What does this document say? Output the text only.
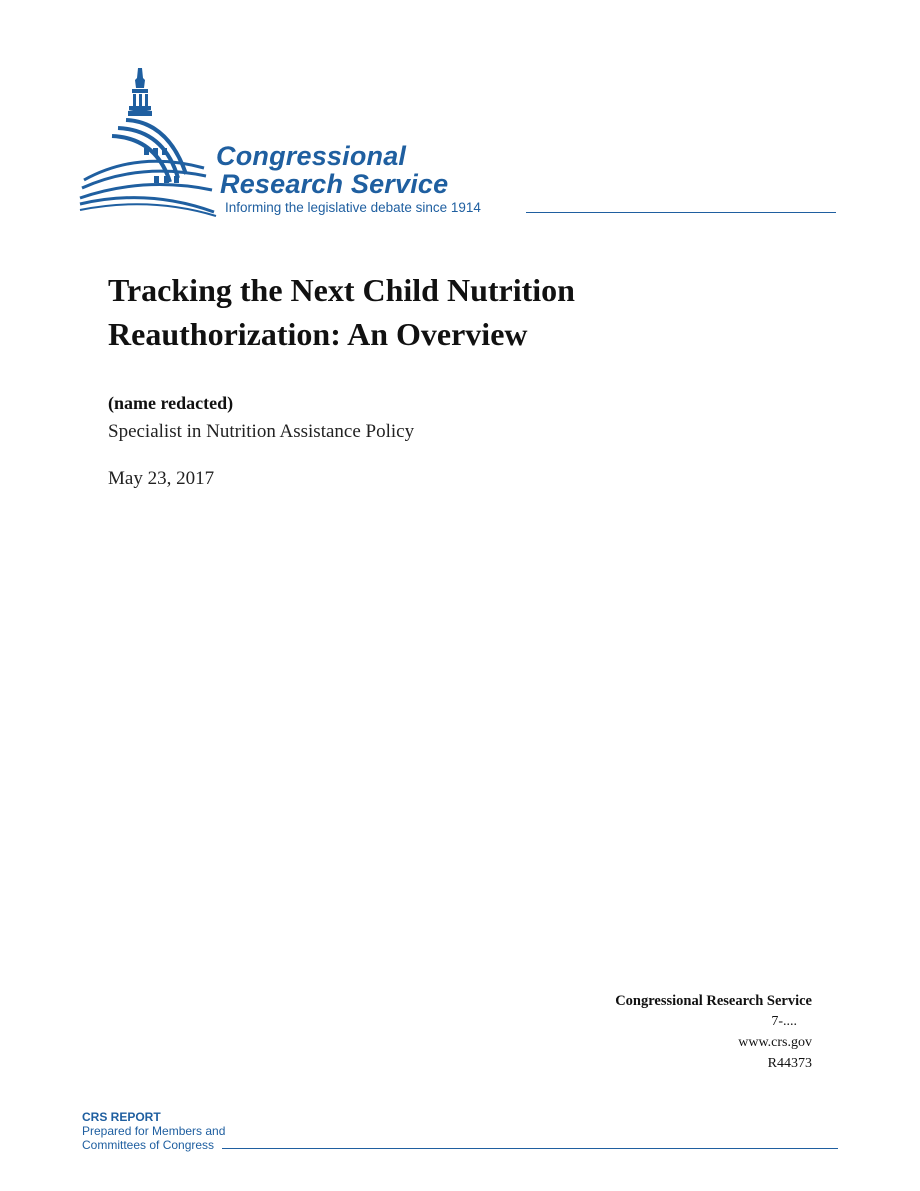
Congressional
Research Service
Informing the legislative debate since 1914
Tracking the Next Child Nutrition Reauthorization: An Overview
(name redacted)
Specialist in Nutrition Assistance Policy
May 23, 2017
Congressional Research Service
7-....
www.crs.gov
R44373
CRS REPORT
Prepared for Members and
Committees of Congress
